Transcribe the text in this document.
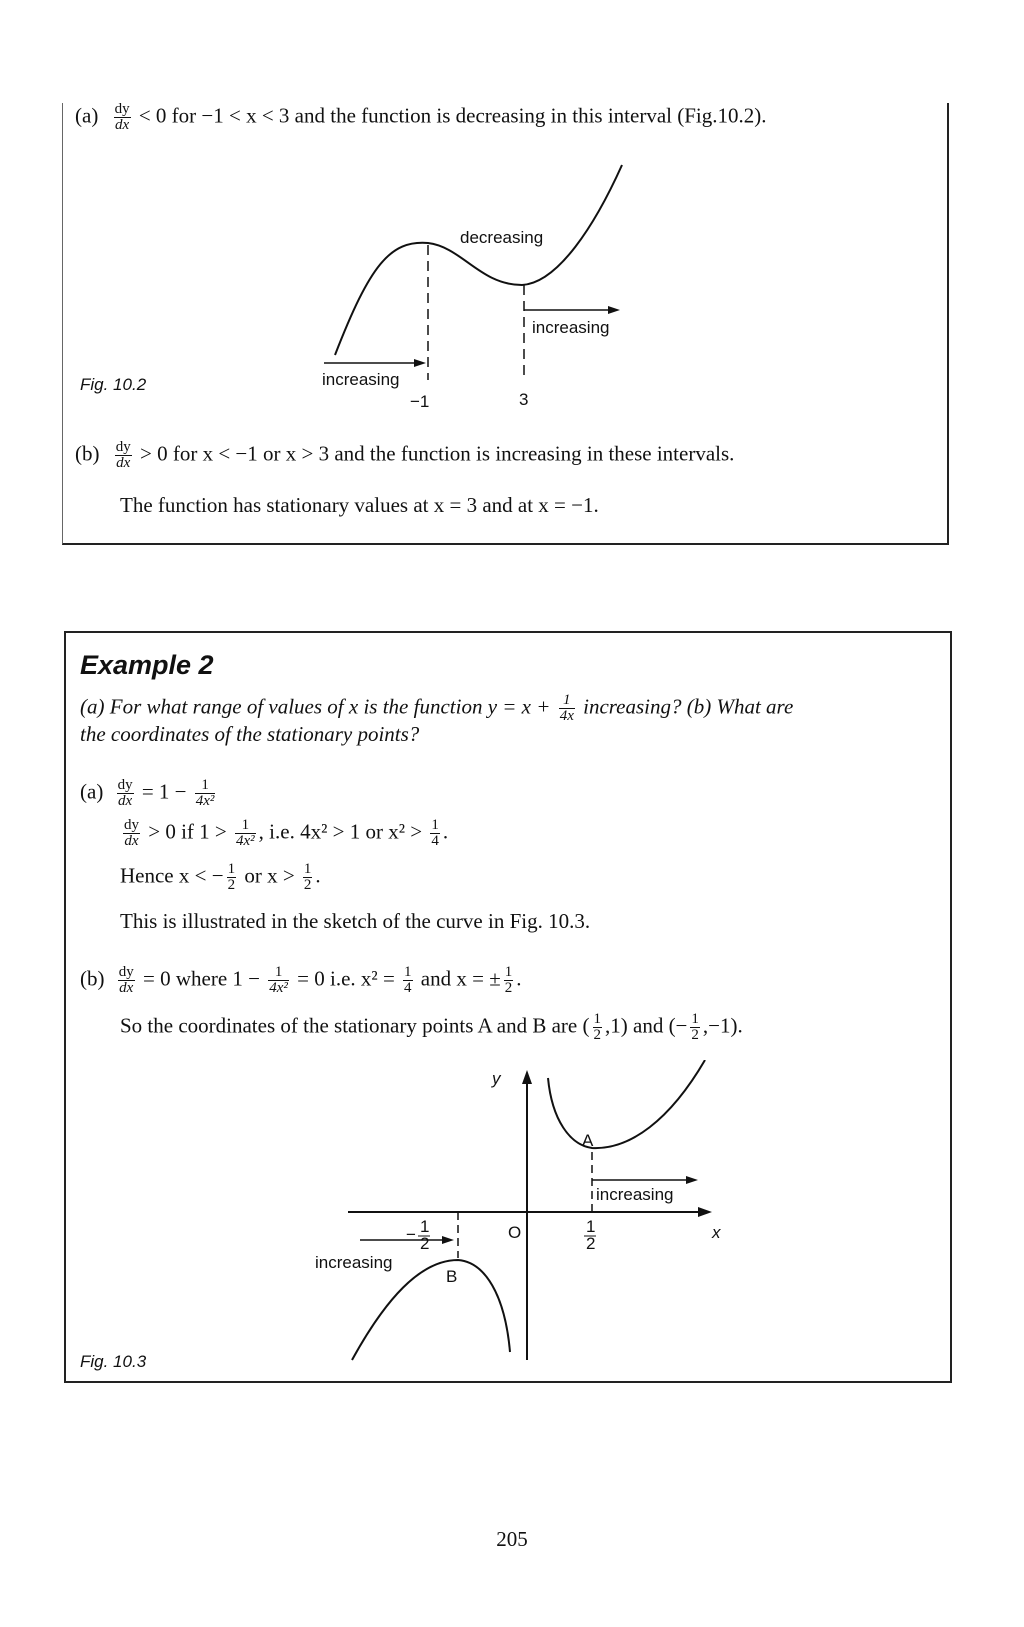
$(a) \frac{dy}{dx} < 0$ for −1 < x < 3 and the function is decreasing in this interval (Fig.10.2).
Fig. 10.2
decreasing
increasing
increasing
−1	3
$(b) \frac{dy}{dx} > 0$ for x < −1 or x > 3 and the function is increasing in these intervals.
The function has stationary values at x = 3 and at x = −1.
Example 2
(a) For what range of values of x is the function $y = x + \frac{1}{4x}$ increasing? (b) What are
the coordinates of the stationary points?
$(a) \frac{dy}{dx} = 1 - \frac{1}{\text{4x²}}$
$\frac{dy}{dx} > 0$ if $1 > \frac{1}{\text{4x²}}$ , i.e. 4x² > 1 or $x^2 > \frac{1}{4}$ .
Hence x < − $\frac{1}{2}$ or $x > \frac{1}{2}$ .
This is illustrated in the sketch of the curve in Fig. 10.3.
$(b) \frac{dy}{dx} = 0$ where $1 - \frac{1}{\text{4x²}} = 0$ i.e. $x^2 = \frac{1}{4}$ and x = ± $\frac{1}{2}$ .
So the coordinates of the stationary points A and B are ( $\frac{1}{2} ,1$) and (− $\frac{1}{2} ,-1$).
Fig. 10.3
y
x
O
A
B
increasing
increasing
1
2
− 1
2
205
